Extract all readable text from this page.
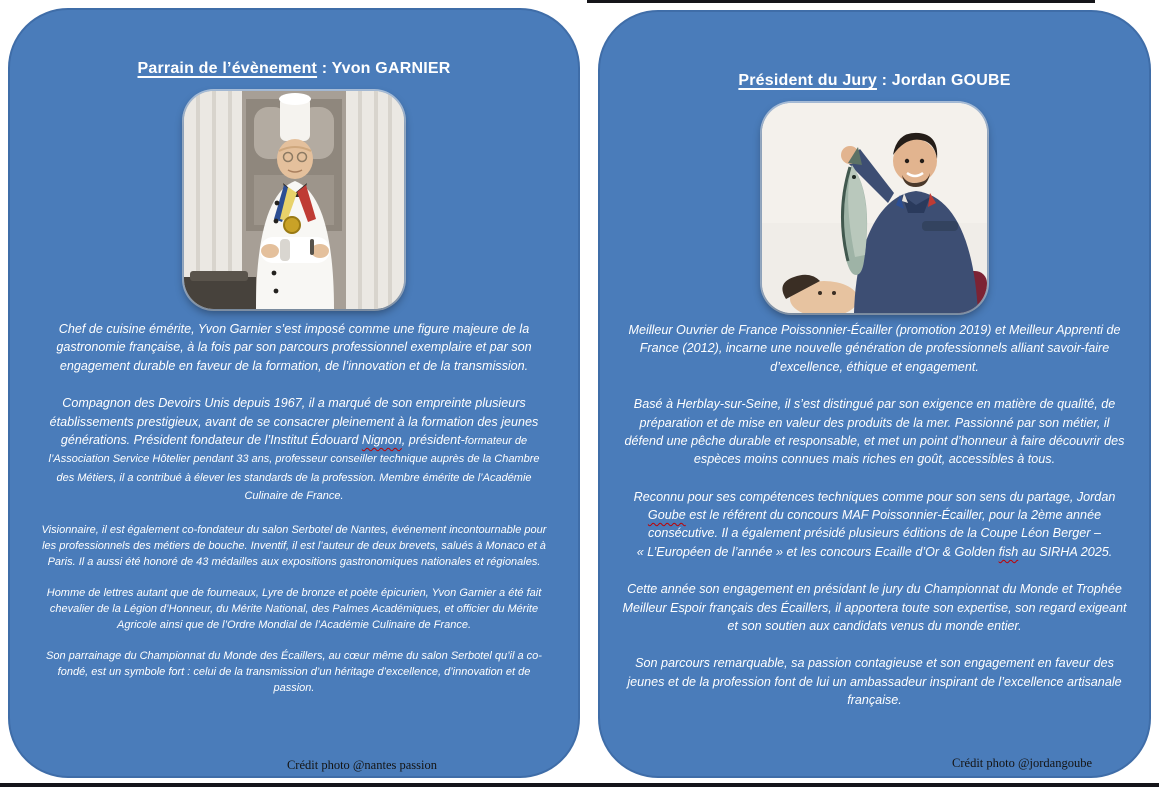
Parrain de l’évènement : Yvon GARNIER

Chef de cuisine émérite, Yvon Garnier s’est imposé comme une figure majeure de la gastronomie française, à la fois par son parcours professionnel exemplaire et par son engagement durable en faveur de la formation, de l’innovation et de la transmission.

Compagnon des Devoirs Unis depuis 1967, il a marqué de son empreinte plusieurs établissements prestigieux, avant de se consacrer pleinement à la formation des jeunes générations. Président fondateur de l’Institut Édouard Nignon, président-formateur de l’Association Service Hôtelier pendant 33 ans, professeur conseiller technique auprès de la Chambre des Métiers, il a contribué à élever les standards de la profession. Membre émérite de l’Académie Culinaire de France.

Visionnaire, il est également co-fondateur du salon Serbotel de Nantes, événement incontournable pour les professionnels des métiers de bouche. Inventif, il est l’auteur de deux brevets, salués à Monaco et à Paris. Il a aussi été honoré de 43 médailles aux expositions gastronomiques nationales et régionales.

Homme de lettres autant que de fourneaux, Lyre de bronze et poète épicurien, Yvon Garnier a été fait chevalier de la Légion d’Honneur, du Mérite National, des Palmes Académiques, et officier du Mérite Agricole ainsi que de l’Ordre Mondial de l’Académie Culinaire de France.

Son parrainage du Championnat du Monde des Écaillers, au cœur même du salon Serbotel qu’il a co-fondé, est un symbole fort : celui de la transmission d’un héritage d’excellence, d’innovation et de passion.

Crédit photo @nantes passion
Président du Jury : Jordan GOUBE

Meilleur Ouvrier de France Poissonnier-Écailler (promotion 2019) et Meilleur Apprenti de France (2012), incarne une nouvelle génération de professionnels alliant savoir-faire d’excellence, éthique et engagement.

Basé à Herblay-sur-Seine, il s’est distingué par son exigence en matière de qualité, de préparation et de mise en valeur des produits de la mer. Passionné par son métier, il défend une pêche durable et responsable, et met un point d’honneur à faire découvrir des espèces moins connues mais riches en goût, accessibles à tous.

Reconnu pour ses compétences techniques comme pour son sens du partage, Jordan Goube est le référent du concours MAF Poissonnier-Écailler, pour la 2ème année consécutive. Il a également présidé plusieurs éditions de la Coupe Léon Berger – « L’Européen de l’année » et les concours Ecaille d’Or & Golden fish au SIRHA 2025.

Cette année son engagement en présidant le jury du Championnat du Monde et Trophée Meilleur Espoir français des Écaillers, il apportera toute son expertise, son regard exigeant et son soutien aux candidats venus du monde entier.

Son parcours remarquable, sa passion contagieuse et son engagement en faveur des jeunes et de la profession font de lui un ambassadeur inspirant de l’excellence artisanale française.

Crédit photo @jordangoube
